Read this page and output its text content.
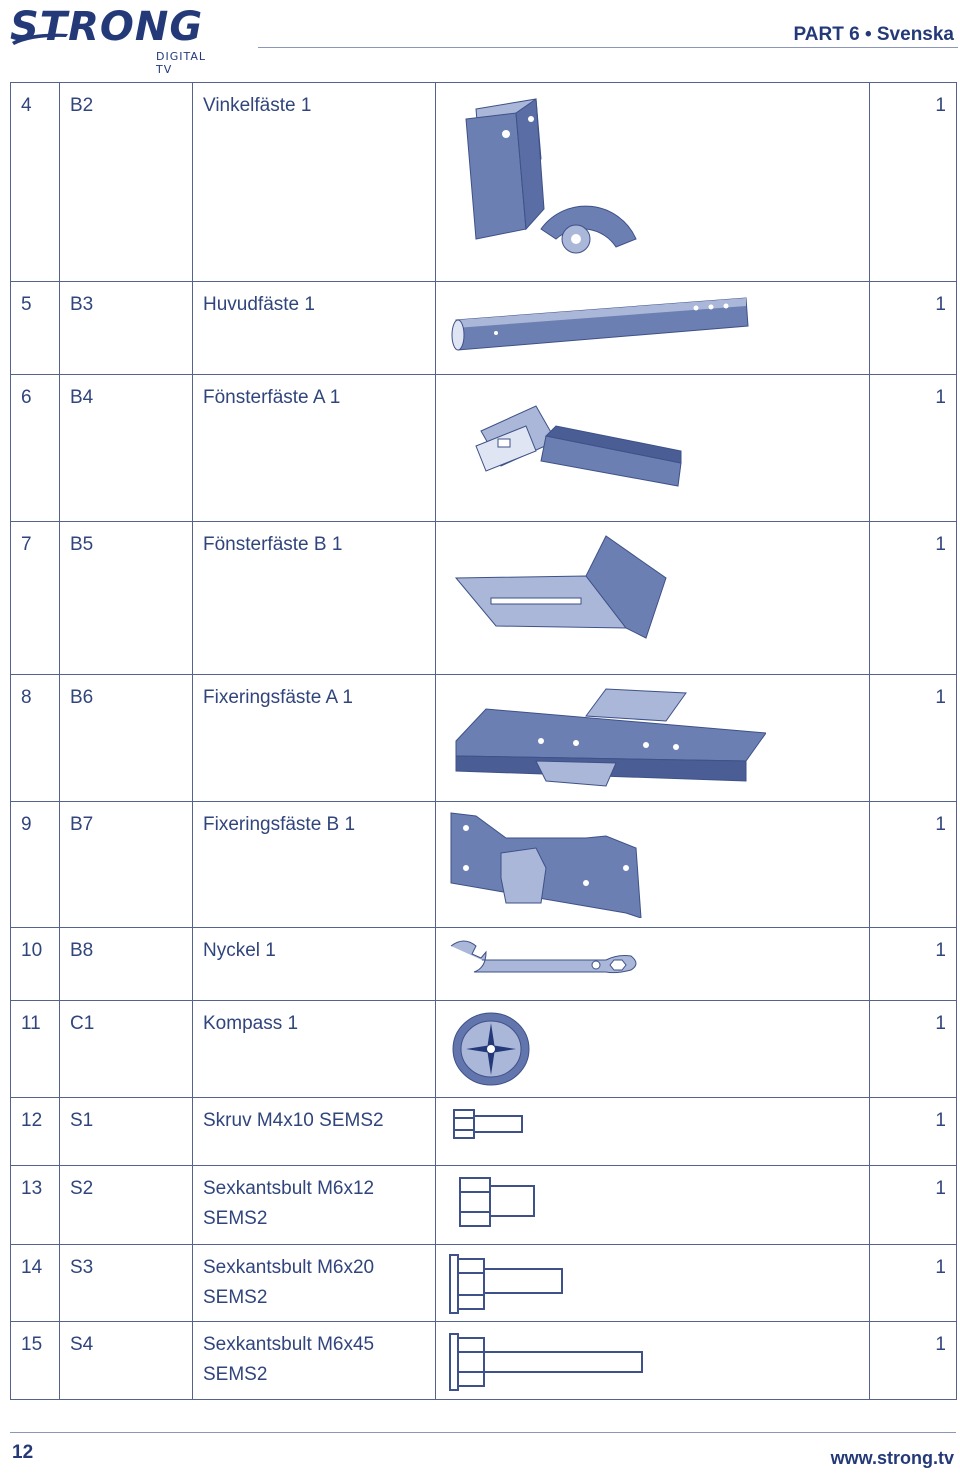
STRONG
DIGITAL TV
PART 6 • Svenska
4	B2	Vinkelfäste 1		1
5	B3	Huvudfäste 1		1
6	B4	Fönsterfäste A 1		1
7	B5	Fönsterfäste B 1		1
8	B6	Fixeringsfäste A 1		1
9	B7	Fixeringsfäste B 1		1
10	B8	Nyckel 1		1
11	C1	Kompass 1		1
12	S1	Skruv M4x10 SEMS2		1
13	S2	Sexkantsbult M6x12 SEMS2		1
14	S3	Sexkantsbult M6x20 SEMS2		1
15	S4	Sexkantsbult M6x45 SEMS2		1
12	www.strong.tv
